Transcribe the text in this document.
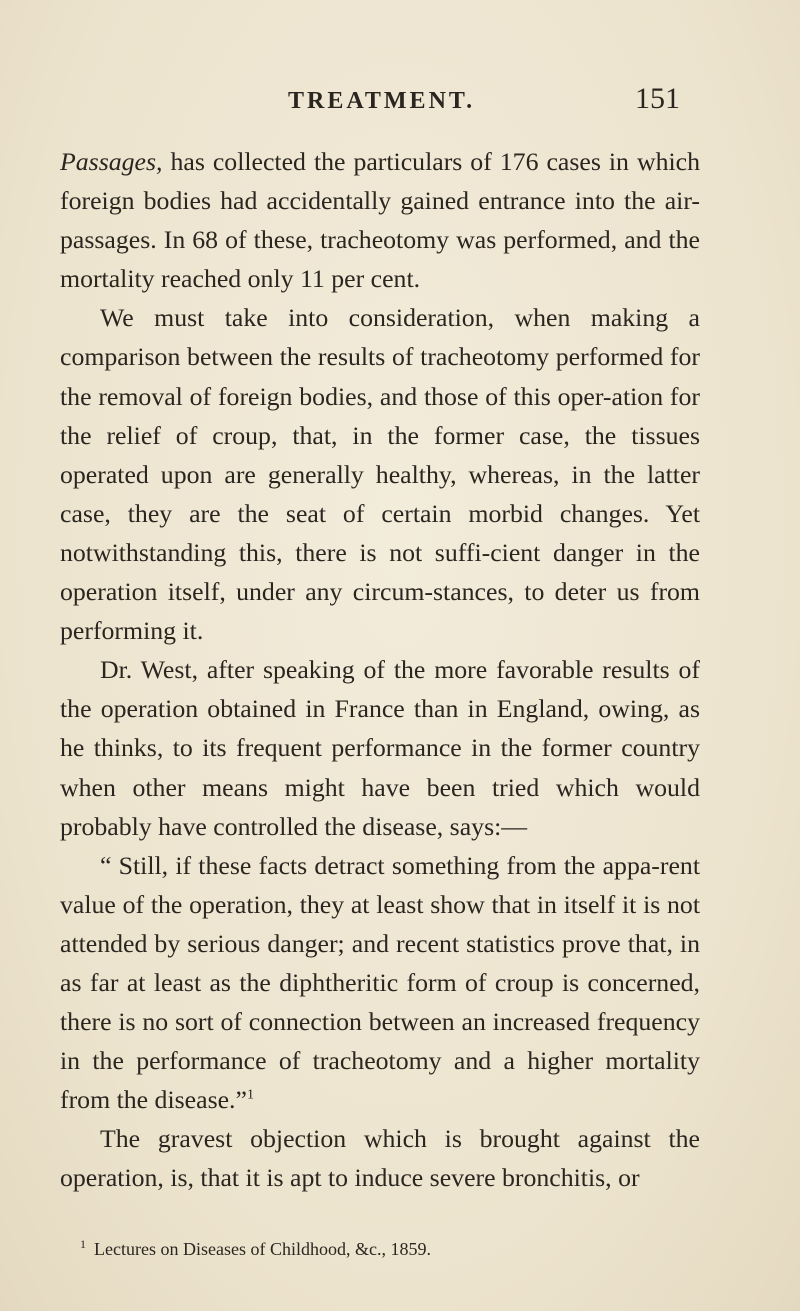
TREATMENT.	151

Passages, has collected the particulars of 176 cases in which foreign bodies had accidentally gained entrance into the air-passages. In 68 of these, tracheotomy was performed, and the mortality reached only 11 per cent.

We must take into consideration, when making a comparison between the results of tracheotomy performed for the removal of foreign bodies, and those of this oper-ation for the relief of croup, that, in the former case, the tissues operated upon are generally healthy, whereas, in the latter case, they are the seat of certain morbid changes. Yet notwithstanding this, there is not suffi-cient danger in the operation itself, under any circum-stances, to deter us from performing it.

Dr. West, after speaking of the more favorable results of the operation obtained in France than in England, owing, as he thinks, to its frequent performance in the former country when other means might have been tried which would probably have controlled the disease, says:—

“ Still, if these facts detract something from the appa-rent value of the operation, they at least show that in itself it is not attended by serious danger; and recent statistics prove that, in as far at least as the diphtheritic form of croup is concerned, there is no sort of connection between an increased frequency in the performance of tracheotomy and a higher mortality from the disease.”$^1$

The gravest objection which is brought against the operation, is, that it is apt to induce severe bronchitis, or

$^1$ Lectures on Diseases of Childhood, &c., 1859.
